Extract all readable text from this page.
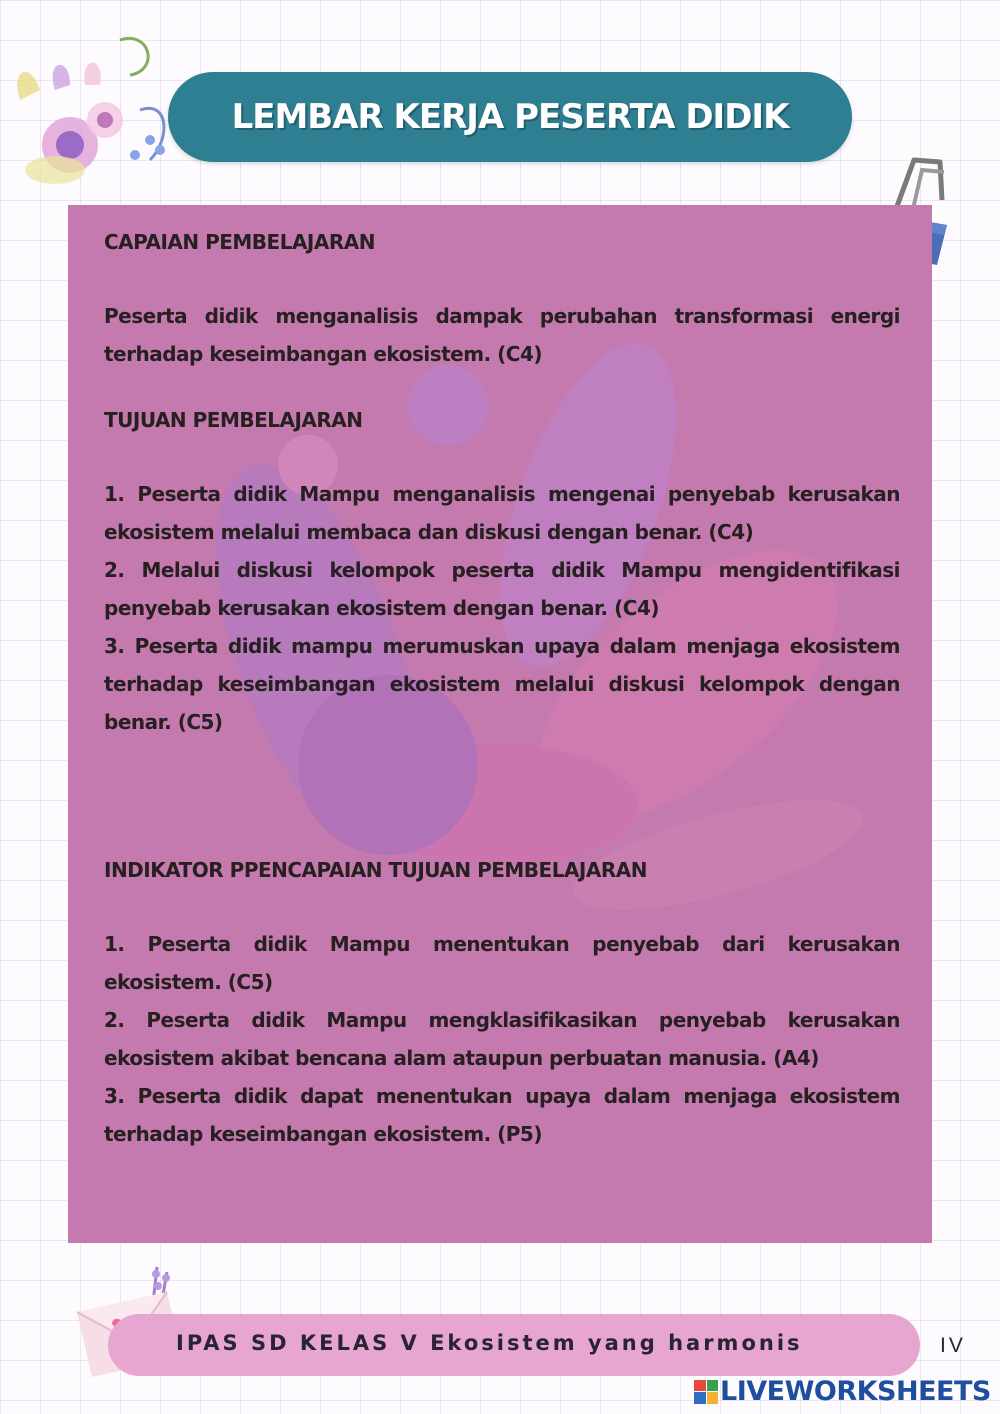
LEMBAR KERJA PESERTA DIDIK
CAPAIAN PEMBELAJARAN

Peserta didik menganalisis dampak perubahan transformasi energi terhadap keseimbangan ekosistem. (C4)

TUJUAN PEMBELAJARAN

1. Peserta didik Mampu menganalisis mengenai penyebab kerusakan ekosistem melalui membaca dan diskusi dengan benar. (C4)

2. Melalui diskusi kelompok peserta didik Mampu mengidentifikasi penyebab kerusakan ekosistem dengan benar. (C4)

3. Peserta didik mampu merumuskan upaya dalam menjaga ekosistem terhadap keseimbangan ekosistem melalui diskusi kelompok dengan benar. (C5)

INDIKATOR PPENCAPAIAN TUJUAN PEMBELAJARAN

1. Peserta didik Mampu menentukan penyebab dari kerusakan ekosistem. (C5)

2. Peserta didik Mampu mengklasifikasikan penyebab kerusakan ekosistem akibat bencana alam ataupun perbuatan manusia. (A4)

3. Peserta didik dapat menentukan upaya dalam menjaga ekosistem terhadap keseimbangan ekosistem. (P5)

IPAS SD KELAS V Ekosistem yang harmonis	IV
LIVEWORKSHEETS
